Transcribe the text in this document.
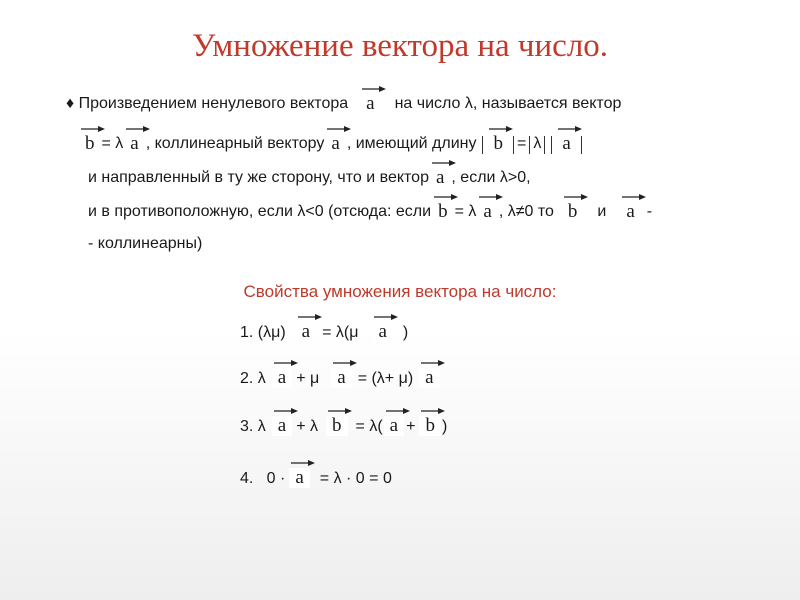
Умножение вектора на число.
♦ Произведением ненулевого вектора a	на число λ, называется вектор
b = λ a , коллинеарный вектору a , имеющий длину b = λ	a
и направленный в ту же сторону, что и вектор a , если λ>0,
и в противоположную, если λ<0 (отсюда: если b = λ a , λ≠0 то b	и	a -
- коллинеарны)
Свойства умножения вектора на число:
1. (λμ) a = λ(μ	a	)
2. λ a + μ a = (λ+ μ) a
3. λ a + λ b = λ( a + b )
4.   0 · a	= λ · 0 = 0
